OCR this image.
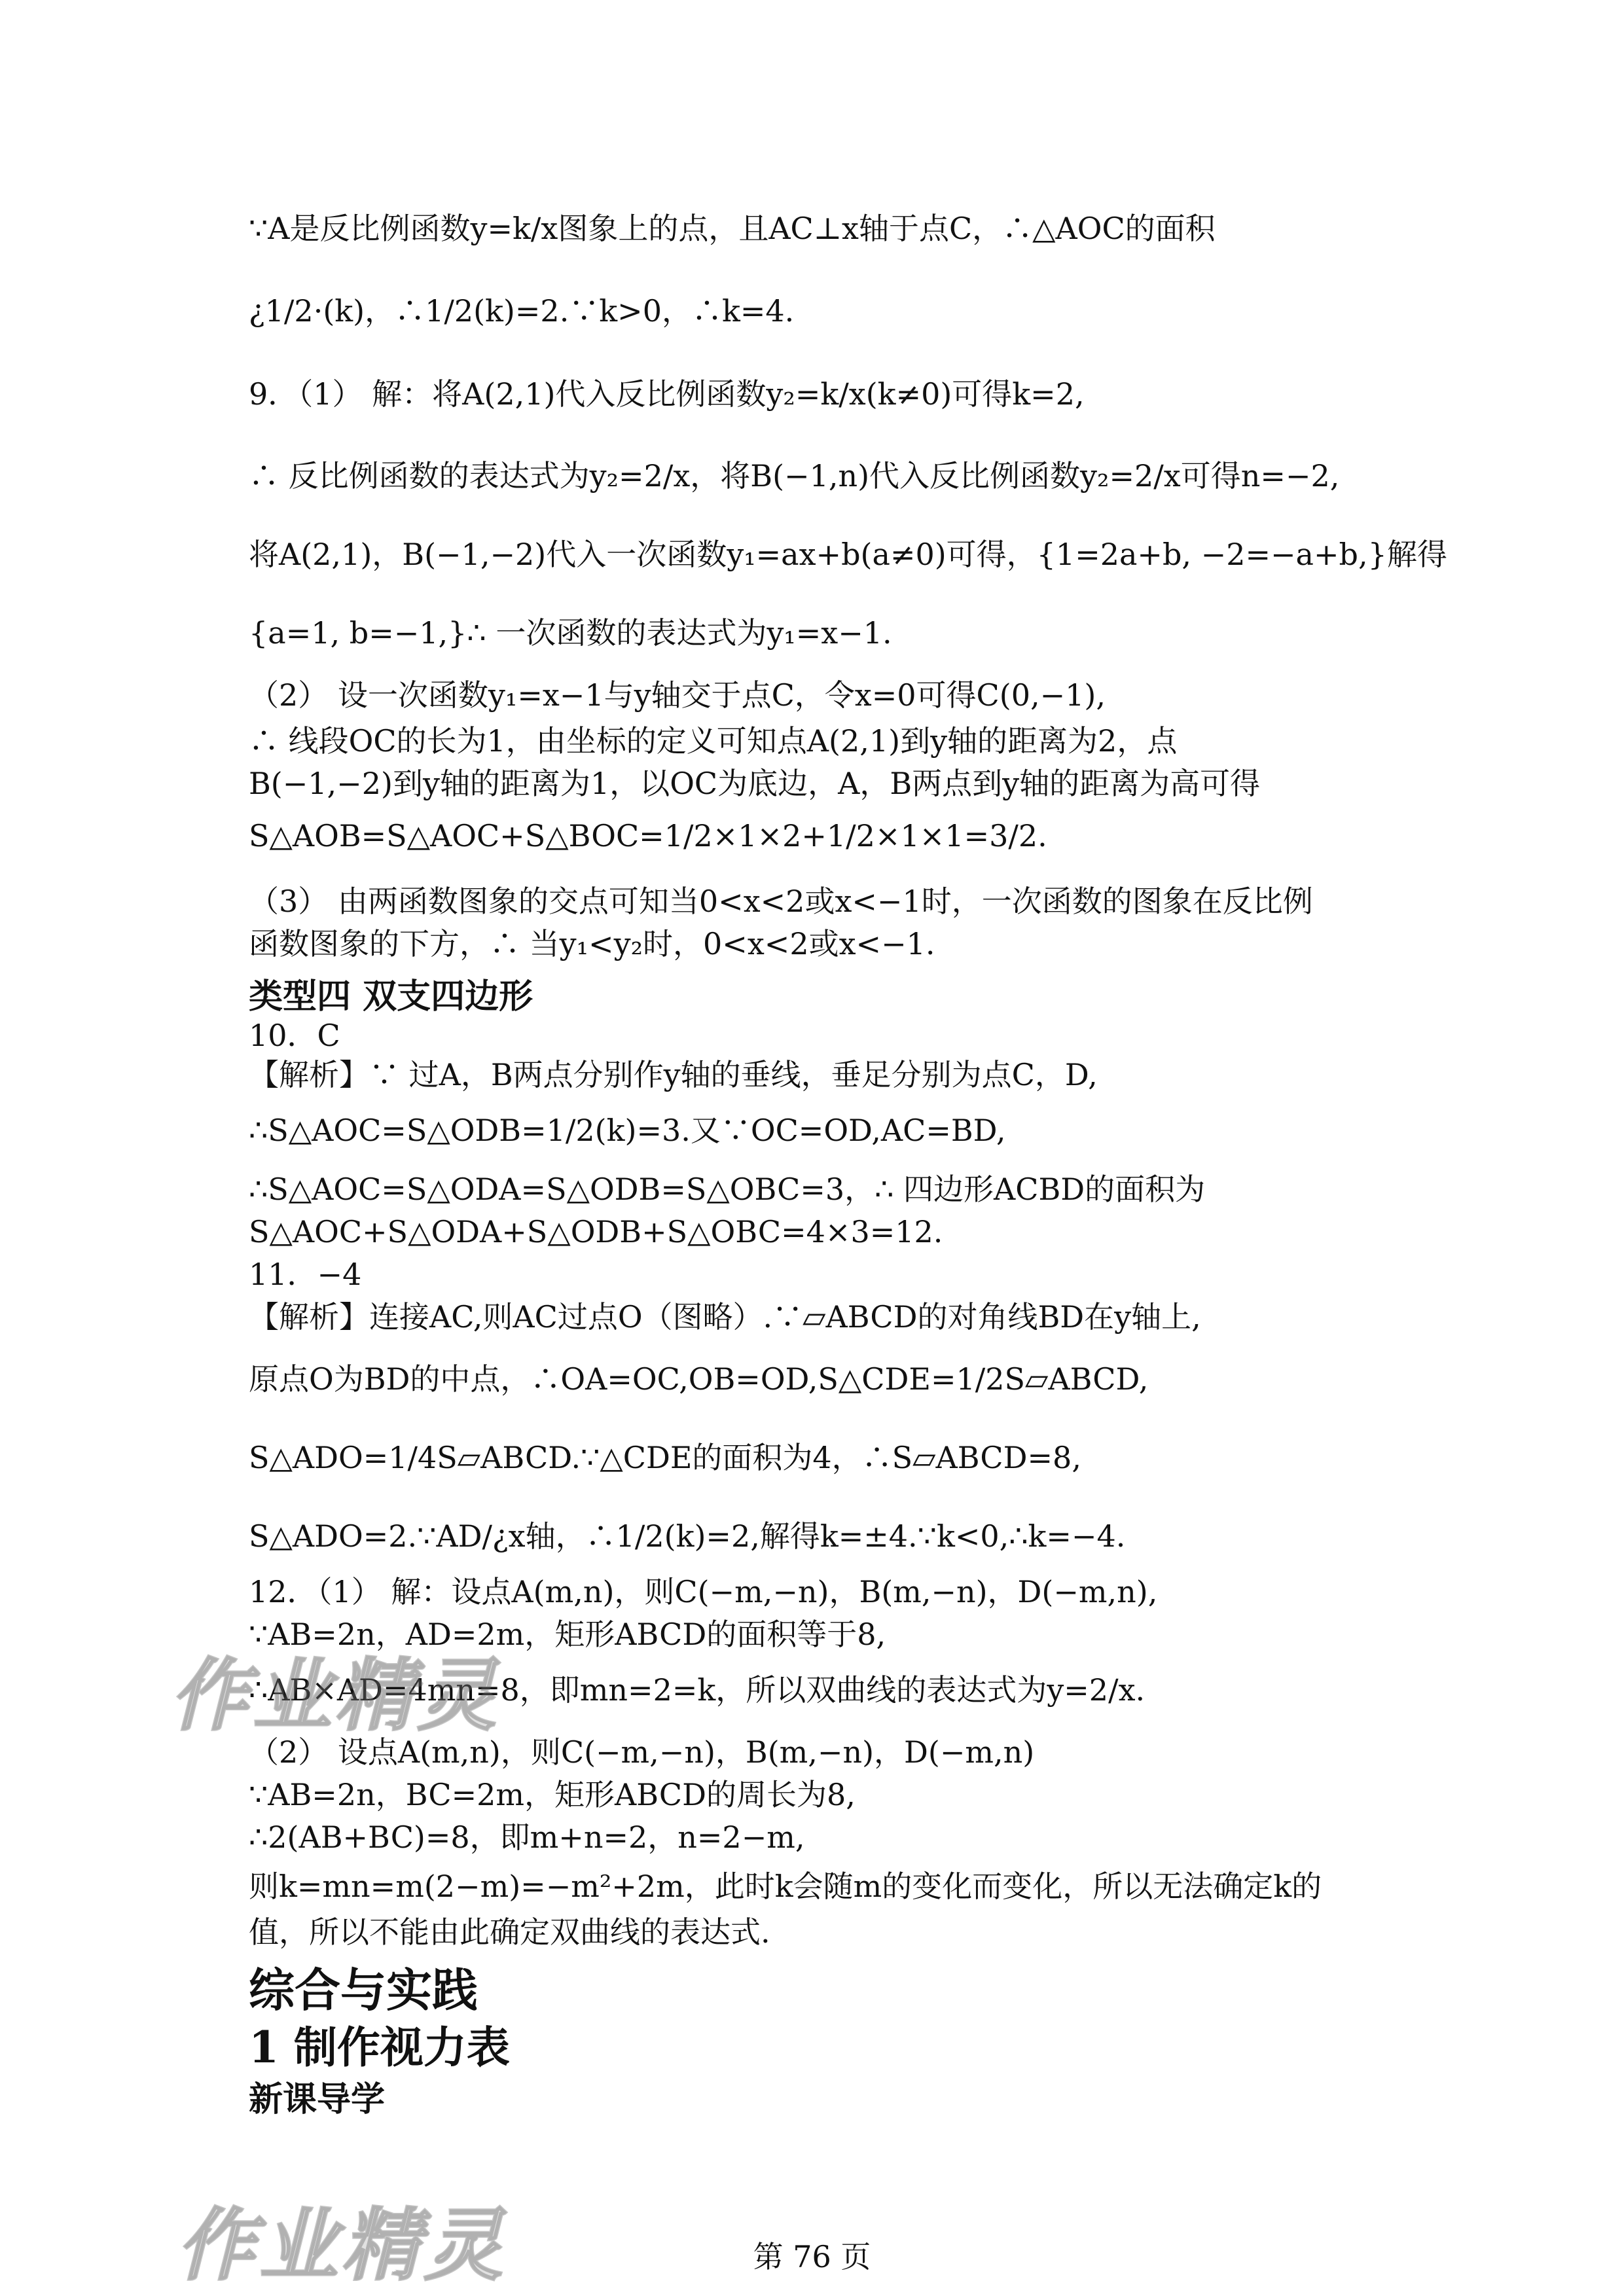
∵A是反比例函数y=k/x图象上的点，且AC⊥x轴于点C，∴△AOC的面积
¿1/2·(k)，∴1/2(k)=2.∵k>0，∴k=4.
9．（1） 解：将A(2,1)代入反比例函数y₂=k/x(k≠0)可得k=2,
∴ 反比例函数的表达式为y₂=2/x，将B(−1,n)代入反比例函数y₂=2/x可得n=−2,
将A(2,1)，B(−1,−2)代入一次函数y₁=ax+b(a≠0)可得，{1=2a+b, −2=−a+b,}解得
{a=1, b=−1,}∴ 一次函数的表达式为y₁=x−1.
（2） 设一次函数y₁=x−1与y轴交于点C，令x=0可得C(0,−1),
∴ 线段OC的长为1，由坐标的定义可知点A(2,1)到y轴的距离为2，点
B(−1,−2)到y轴的距离为1，以OC为底边，A，B两点到y轴的距离为高可得
S△AOB=S△AOC+S△BOC=1/2×1×2+1/2×1×1=3/2.
（3） 由两函数图象的交点可知当0<x<2或x<−1时，一次函数的图象在反比例
函数图象的下方，∴ 当y₁<y₂时，0<x<2或x<−1.
类型四 双支四边形
10．C
【解析】∵ 过A，B两点分别作y轴的垂线，垂足分别为点C，D,
∴S△AOC=S△ODB=1/2(k)=3.又∵OC=OD,AC=BD,
∴S△AOC=S△ODA=S△ODB=S△OBC=3，∴ 四边形ACBD的面积为
S△AOC+S△ODA+S△ODB+S△OBC=4×3=12.
11．−4
【解析】连接AC,则AC过点O（图略）.∵▱ABCD的对角线BD在y轴上,
原点O为BD的中点，∴OA=OC,OB=OD,S△CDE=1/2S▱ABCD,
S△ADO=1/4S▱ABCD.∵△CDE的面积为4，∴S▱ABCD=8,
S△ADO=2.∵AD/¿x轴，∴1/2(k)=2,解得k=±4.∵k<0,∴k=−4.
12．（1） 解：设点A(m,n)，则C(−m,−n)，B(m,−n)，D(−m,n),
∵AB=2n，AD=2m，矩形ABCD的面积等于8,
∴AB×AD=4mn=8，即mn=2=k，所以双曲线的表达式为y=2/x.
（2） 设点A(m,n)，则C(−m,−n)，B(m,−n)，D(−m,n)
∵AB=2n，BC=2m，矩形ABCD的周长为8,
∴2(AB+BC)=8，即m+n=2，n=2−m,
则k=mn=m(2−m)=−m²+2m，此时k会随m的变化而变化，所以无法确定k的
值，所以不能由此确定双曲线的表达式.
综合与实践
1 制作视力表
新课导学
作业精灵
作业精灵	第 76 页
